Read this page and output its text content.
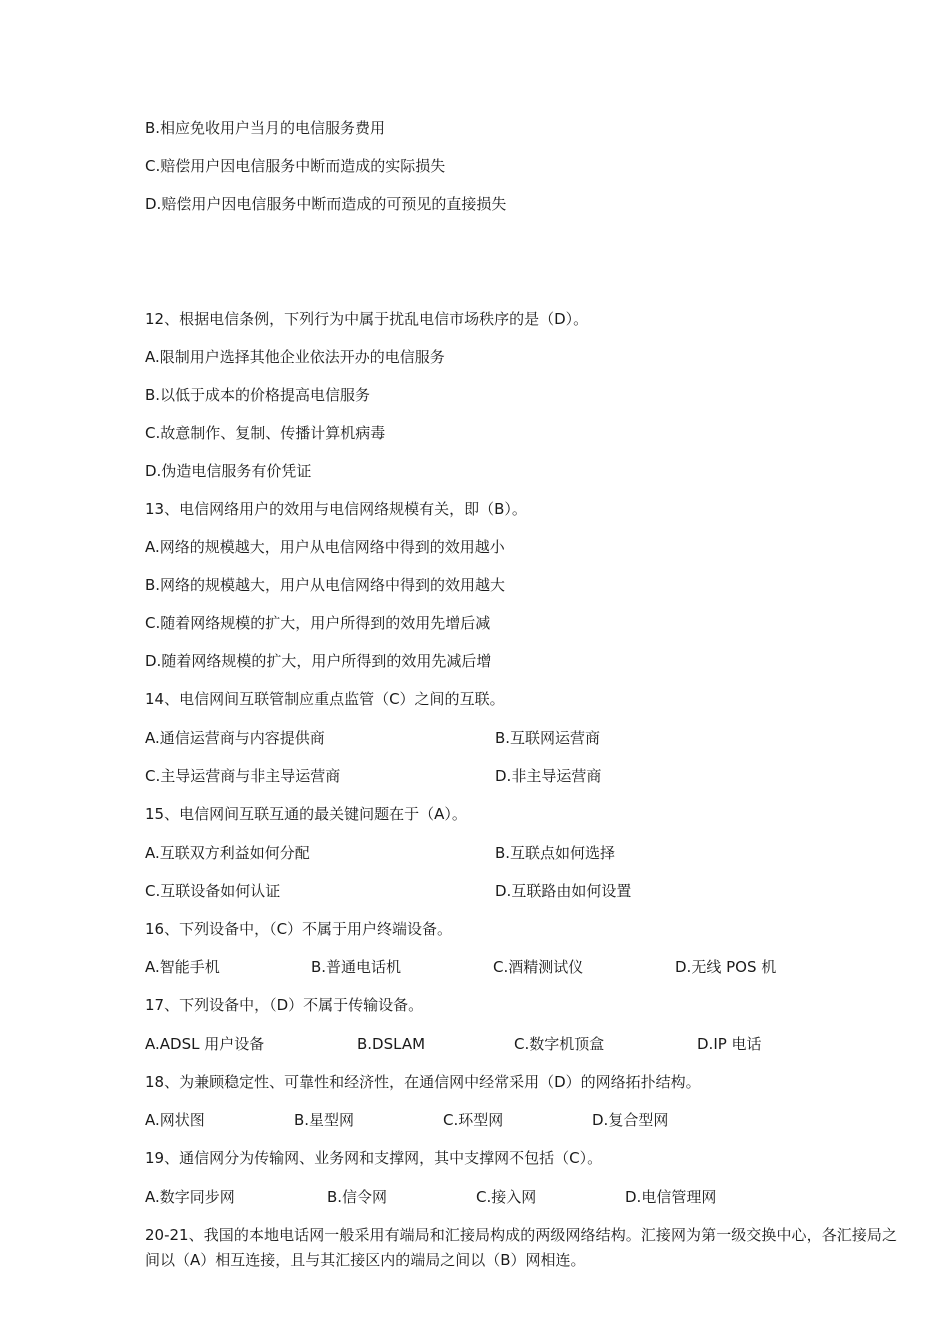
B.相应免收用户当月的电信服务费用
C.赔偿用户因电信服务中断而造成的实际损失
D.赔偿用户因电信服务中断而造成的可预见的直接损失
12、根据电信条例，下列行为中属于扰乱电信市场秩序的是（D）。
A.限制用户选择其他企业依法开办的电信服务
B.以低于成本的价格提高电信服务
C.故意制作、复制、传播计算机病毒
D.伪造电信服务有价凭证
13、电信网络用户的效用与电信网络规模有关，即（B）。
A.网络的规模越大，用户从电信网络中得到的效用越小
B.网络的规模越大，用户从电信网络中得到的效用越大
C.随着网络规模的扩大，用户所得到的效用先增后减
D.随着网络规模的扩大，用户所得到的效用先减后增
14、电信网间互联管制应重点监管（C）之间的互联。
A.通信运营商与内容提供商	B.互联网运营商
C.主导运营商与非主导运营商	D.非主导运营商
15、电信网间互联互通的最关键问题在于（A）。
A.互联双方利益如何分配	B.互联点如何选择
C.互联设备如何认证	D.互联路由如何设置
16、下列设备中，（C）不属于用户终端设备。
A.智能手机	B.普通电话机	C.酒精测试仪	D.无线 POS 机
17、下列设备中，（D）不属于传输设备。
A.ADSL 用户设备	B.DSLAM	C.数字机顶盒	D.IP 电话
18、为兼顾稳定性、可靠性和经济性，在通信网中经常采用（D）的网络拓扑结构。
A.网状图	B.星型网	C.环型网	D.复合型网
19、通信网分为传输网、业务网和支撑网，其中支撑网不包括（C）。
A.数字同步网	B.信令网	C.接入网	D.电信管理网
20-21、我国的本地电话网一般采用有端局和汇接局构成的两级网络结构。汇接网为第一级交换中心，各汇接局之间以（A）相互连接，且与其汇接区内的端局之间以（B）网相连。
